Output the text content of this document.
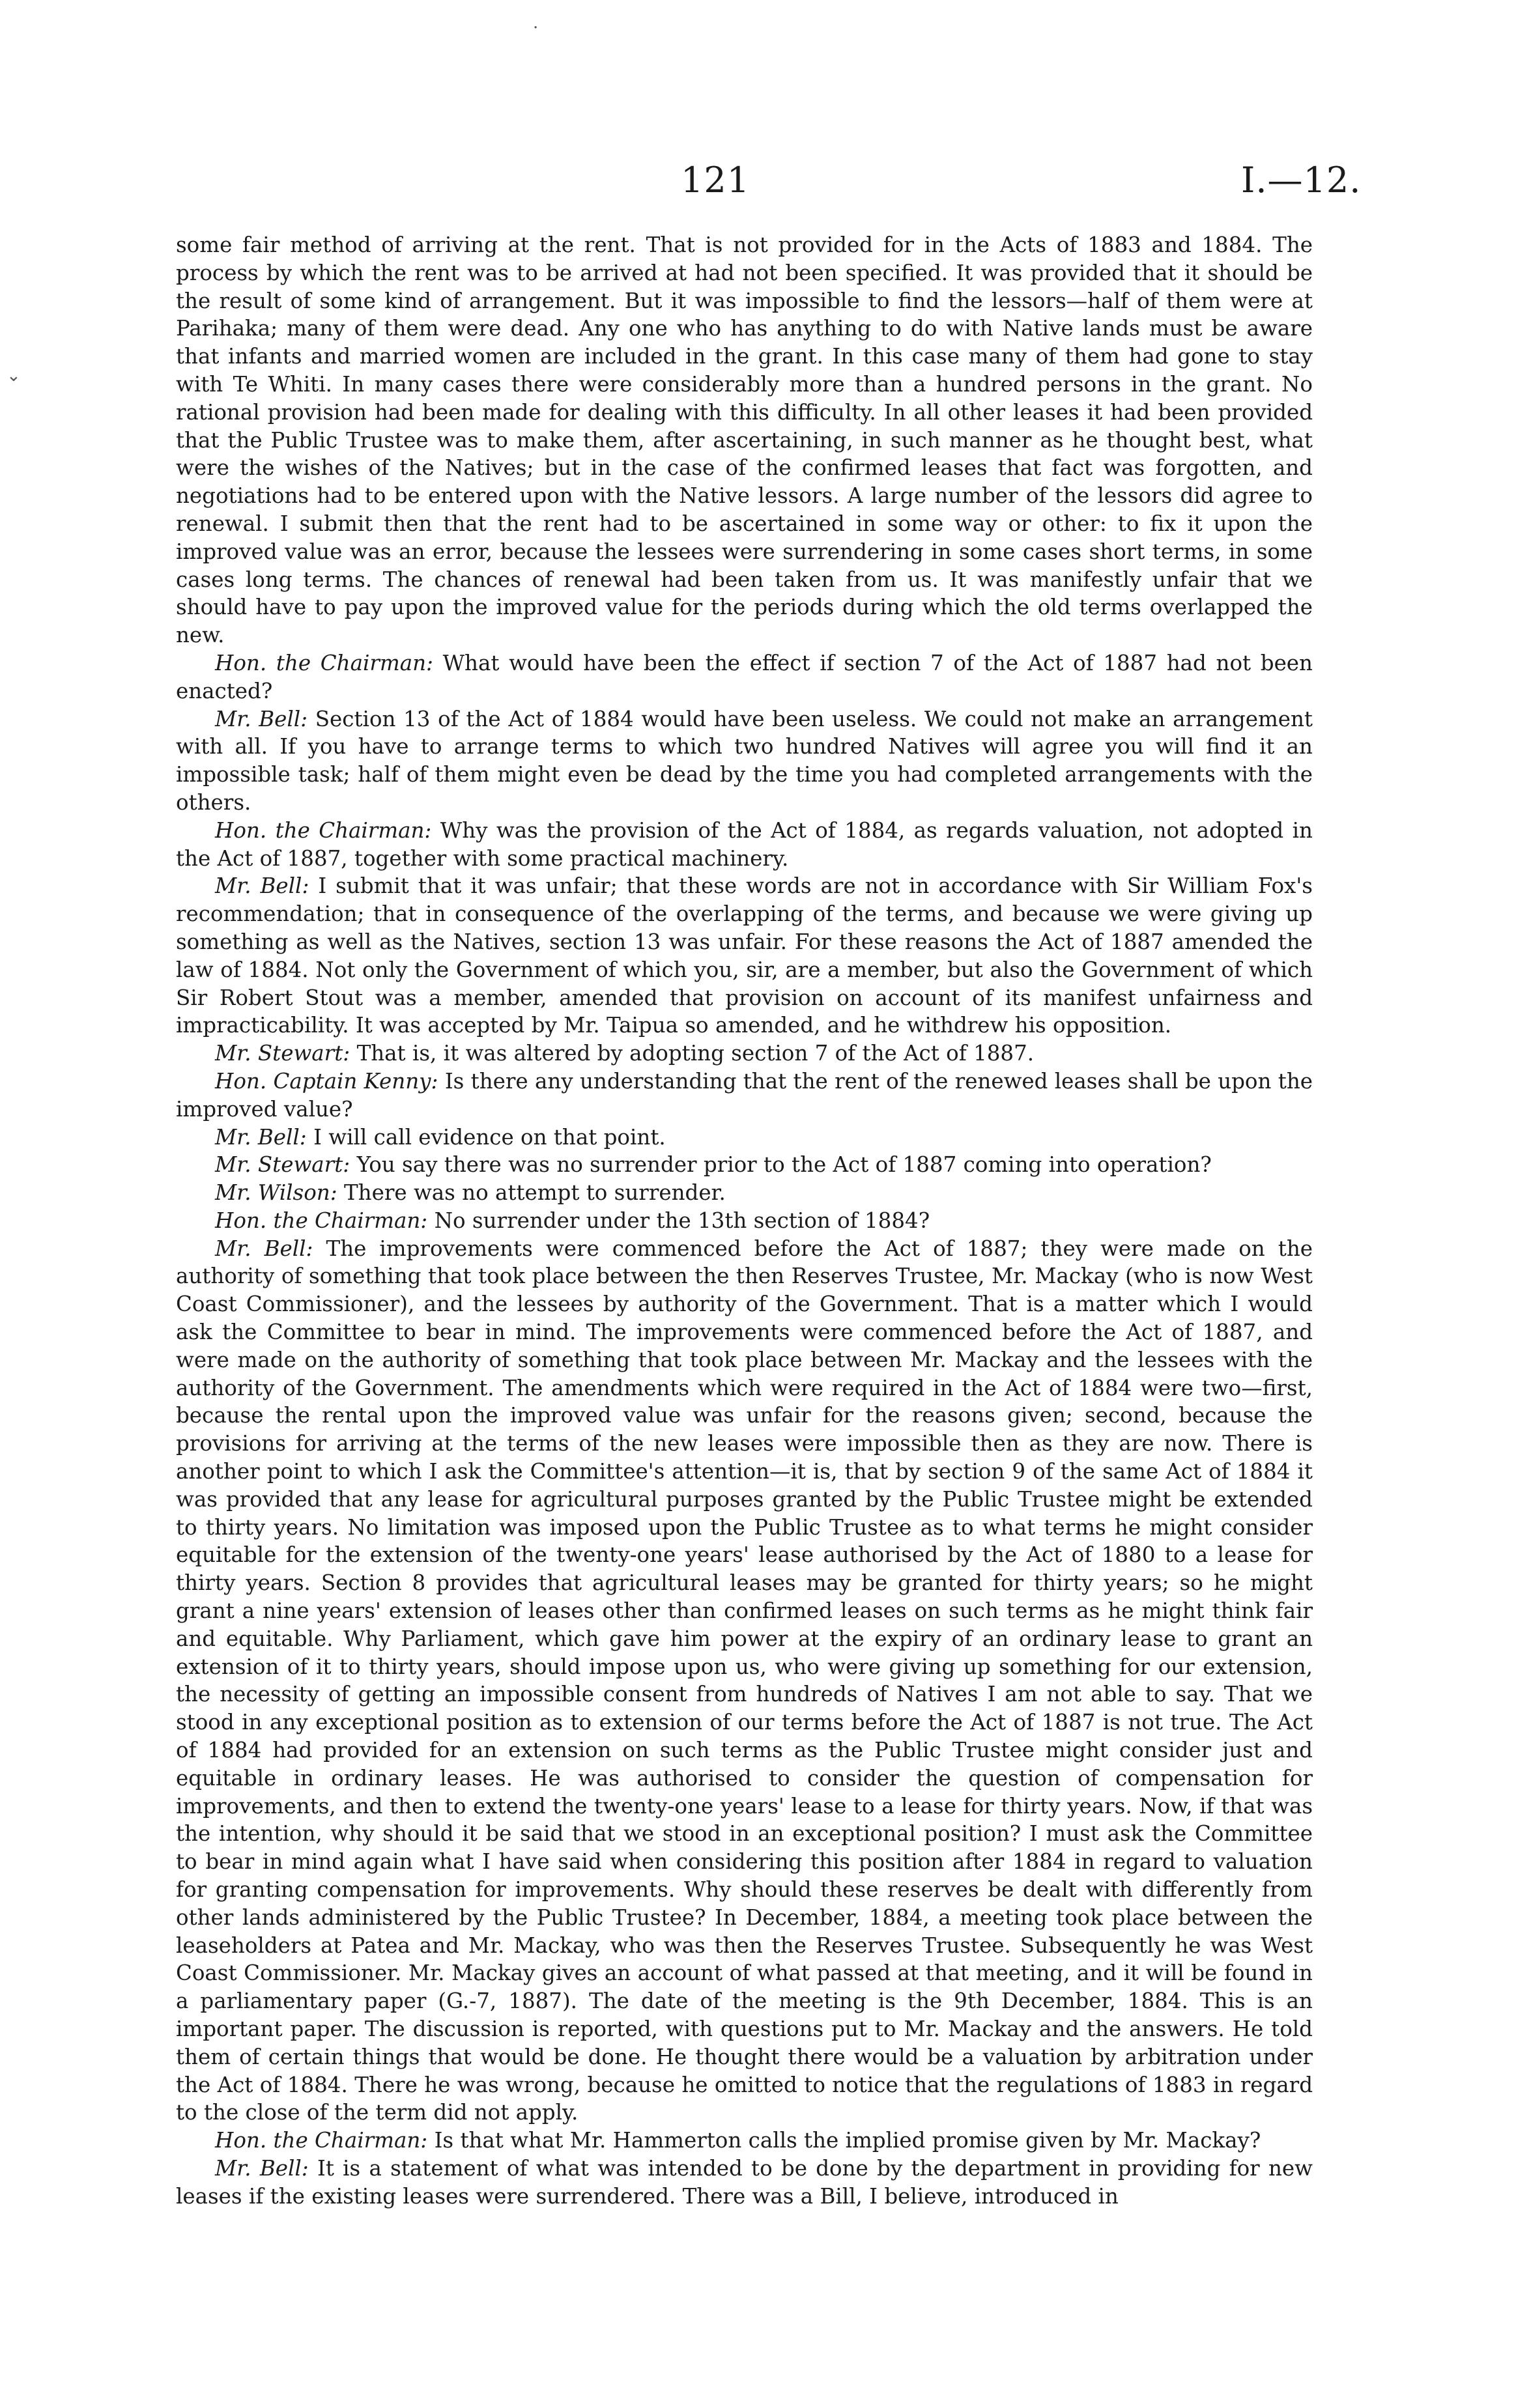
121	I.—12.
·
⌄

some fair method of arriving at the rent. That is not provided for in the Acts of 1883 and 1884. The process by which the rent was to be arrived at had not been specified. It was provided that it should be the result of some kind of arrangement. But it was impossible to find the lessors—half of them were at Parihaka; many of them were dead. Any one who has anything to do with Native lands must be aware that infants and married women are included in the grant. In this case many of them had gone to stay with Te Whiti. In many cases there were considerably more than a hundred persons in the grant. No rational provision had been made for dealing with this difficulty. In all other leases it had been provided that the Public Trustee was to make them, after ascertaining, in such manner as he thought best, what were the wishes of the Natives; but in the case of the confirmed leases that fact was forgotten, and negotiations had to be entered upon with the Native lessors. A large number of the lessors did agree to renewal. I submit then that the rent had to be ascertained in some way or other: to fix it upon the improved value was an error, because the lessees were surrendering in some cases short terms, in some cases long terms. The chances of renewal had been taken from us. It was manifestly unfair that we should have to pay upon the improved value for the periods during which the old terms overlapped the new.

Hon. the Chairman: What would have been the effect if section 7 of the Act of 1887 had not been enacted?

Mr. Bell: Section 13 of the Act of 1884 would have been useless. We could not make an arrangement with all. If you have to arrange terms to which two hundred Natives will agree you will find it an impossible task; half of them might even be dead by the time you had completed arrangements with the others.

Hon. the Chairman: Why was the provision of the Act of 1884, as regards valuation, not adopted in the Act of 1887, together with some practical machinery.

Mr. Bell: I submit that it was unfair; that these words are not in accordance with Sir William Fox's recommendation; that in consequence of the overlapping of the terms, and because we were giving up something as well as the Natives, section 13 was unfair. For these reasons the Act of 1887 amended the law of 1884. Not only the Government of which you, sir, are a member, but also the Government of which Sir Robert Stout was a member, amended that provision on account of its manifest unfairness and impracticability. It was accepted by Mr. Taipua so amended, and he withdrew his opposition.

Mr. Stewart: That is, it was altered by adopting section 7 of the Act of 1887.

Hon. Captain Kenny: Is there any understanding that the rent of the renewed leases shall be upon the improved value?

Mr. Bell: I will call evidence on that point.

Mr. Stewart: You say there was no surrender prior to the Act of 1887 coming into operation?

Mr. Wilson: There was no attempt to surrender.

Hon. the Chairman: No surrender under the 13th section of 1884?

Mr. Bell: The improvements were commenced before the Act of 1887; they were made on the authority of something that took place between the then Reserves Trustee, Mr. Mackay (who is now West Coast Commissioner), and the lessees by authority of the Government. That is a matter which I would ask the Committee to bear in mind. The improvements were commenced before the Act of 1887, and were made on the authority of something that took place between Mr. Mackay and the lessees with the authority of the Government. The amendments which were required in the Act of 1884 were two—first, because the rental upon the improved value was unfair for the reasons given; second, because the provisions for arriving at the terms of the new leases were impossible then as they are now. There is another point to which I ask the Committee's attention—it is, that by section 9 of the same Act of 1884 it was provided that any lease for agricultural purposes granted by the Public Trustee might be extended to thirty years. No limitation was imposed upon the Public Trustee as to what terms he might consider equitable for the extension of the twenty-one years' lease authorised by the Act of 1880 to a lease for thirty years. Section 8 provides that agricultural leases may be granted for thirty years; so he might grant a nine years' extension of leases other than confirmed leases on such terms as he might think fair and equitable. Why Parliament, which gave him power at the expiry of an ordinary lease to grant an extension of it to thirty years, should impose upon us, who were giving up something for our extension, the necessity of getting an impossible consent from hundreds of Natives I am not able to say. That we stood in any exceptional position as to extension of our terms before the Act of 1887 is not true. The Act of 1884 had provided for an extension on such terms as the Public Trustee might consider just and equitable in ordinary leases. He was authorised to consider the question of compensation for improvements, and then to extend the twenty-one years' lease to a lease for thirty years. Now, if that was the intention, why should it be said that we stood in an exceptional position? I must ask the Committee to bear in mind again what I have said when considering this position after 1884 in regard to valuation for granting compensation for improvements. Why should these reserves be dealt with differently from other lands administered by the Public Trustee? In December, 1884, a meeting took place between the leaseholders at Patea and Mr. Mackay, who was then the Reserves Trustee. Subsequently he was West Coast Commissioner. Mr. Mackay gives an account of what passed at that meeting, and it will be found in a parliamentary paper (G.-7, 1887). The date of the meeting is the 9th December, 1884. This is an important paper. The discussion is reported, with questions put to Mr. Mackay and the answers. He told them of certain things that would be done. He thought there would be a valuation by arbitration under the Act of 1884. There he was wrong, because he omitted to notice that the regulations of 1883 in regard to the close of the term did not apply.

Hon. the Chairman: Is that what Mr. Hammerton calls the implied promise given by Mr. Mackay?

Mr. Bell: It is a statement of what was intended to be done by the department in providing for new leases if the existing leases were surrendered. There was a Bill, I believe, introduced in
